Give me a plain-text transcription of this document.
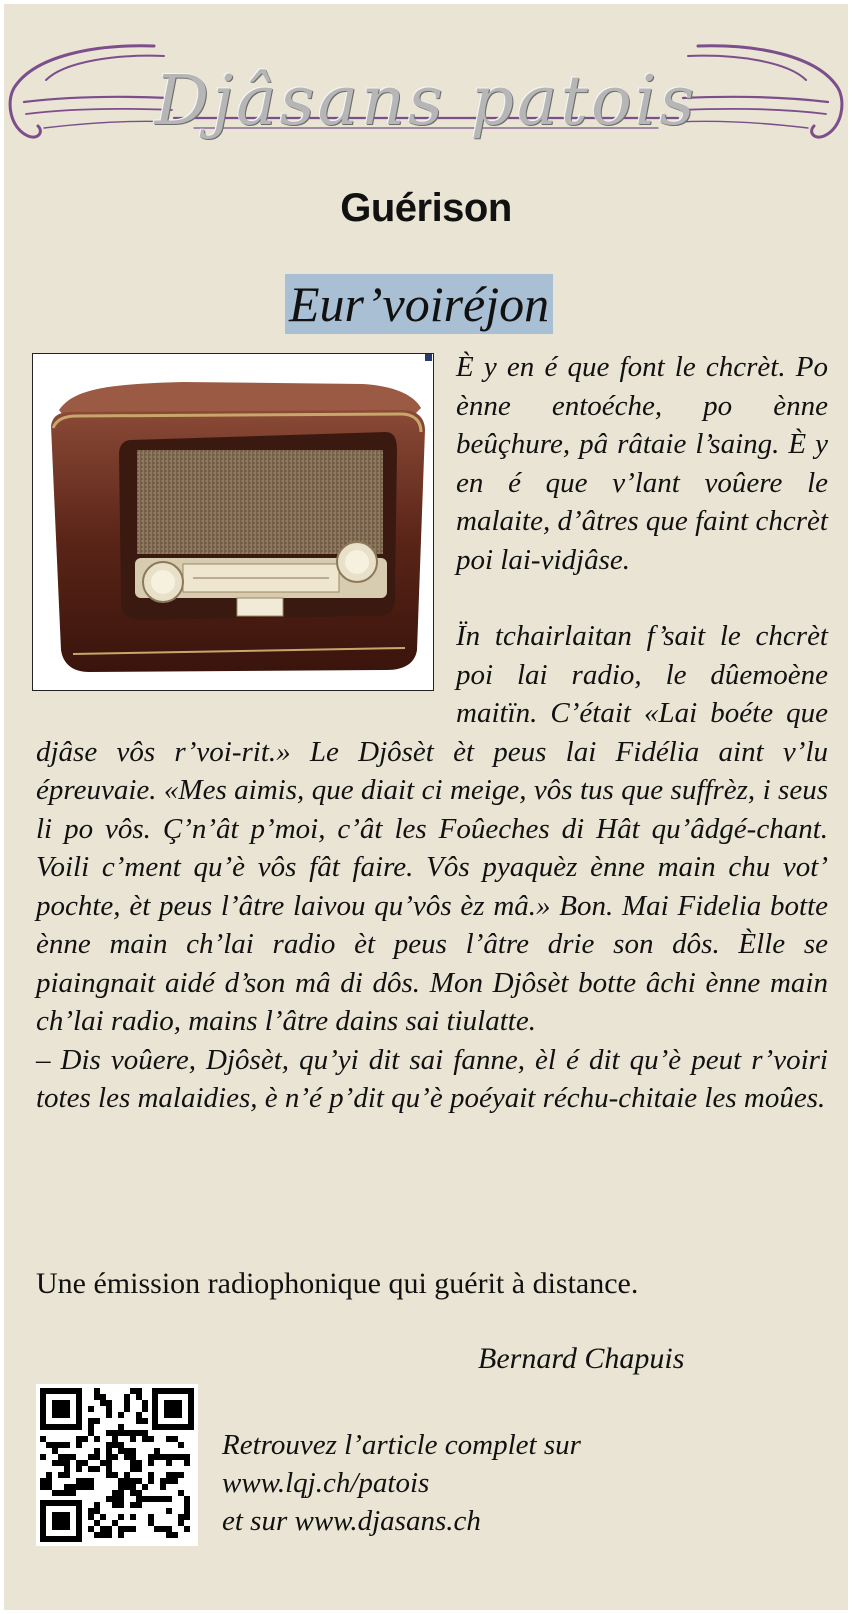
Djâsans patois
Guérison
Eur’voiréjon

È y en é que font le chcrèt. Po ènne entoéche, po ènne beûçhure, pâ râtaie l’saing. È y en é que v’lant voûere le malaite, d’âtres que faint chcrèt poi lai-vidjâse.

Ïn tchairlaitan f’sait le chcrèt poi lai radio, le dûemoène maitïn. C’était «Lai boéte que djâse vôs r’voi-rit.» Le Djôsèt èt peus lai Fidélia aint v’lu épreuvaie. «Mes aimis, que diait ci meige, vôs tus que suffrèz, i seus li po vôs. Ç’n’ât p’moi, c’ât les Foûeches di Hât qu’âdgé-chant. Voili c’ment qu’è vôs fât faire. Vôs pyaquèz ènne main chu vot’ pochte, èt peus l’âtre laivou qu’vôs èz mâ.» Bon. Mai Fidelia botte ènne main ch’lai radio èt peus l’âtre drie son dôs. Èlle se piaingnait aidé d’son mâ di dôs. Mon Djôsèt botte âchi ènne main ch’lai radio, mains l’âtre dains sai tiulatte.

– Dis voûere, Djôsèt, qu’yi dit sai fanne, èl é dit qu’è peut r’voiri totes les malaidies, è n’é p’dit qu’è poéyait réchu-chitaie les moûes.

Une émission radiophonique qui guérit à distance.
Bernard Chapuis
Retrouvez l’article complet sur
www.lqj.ch/patois
et sur www.djasans.ch
